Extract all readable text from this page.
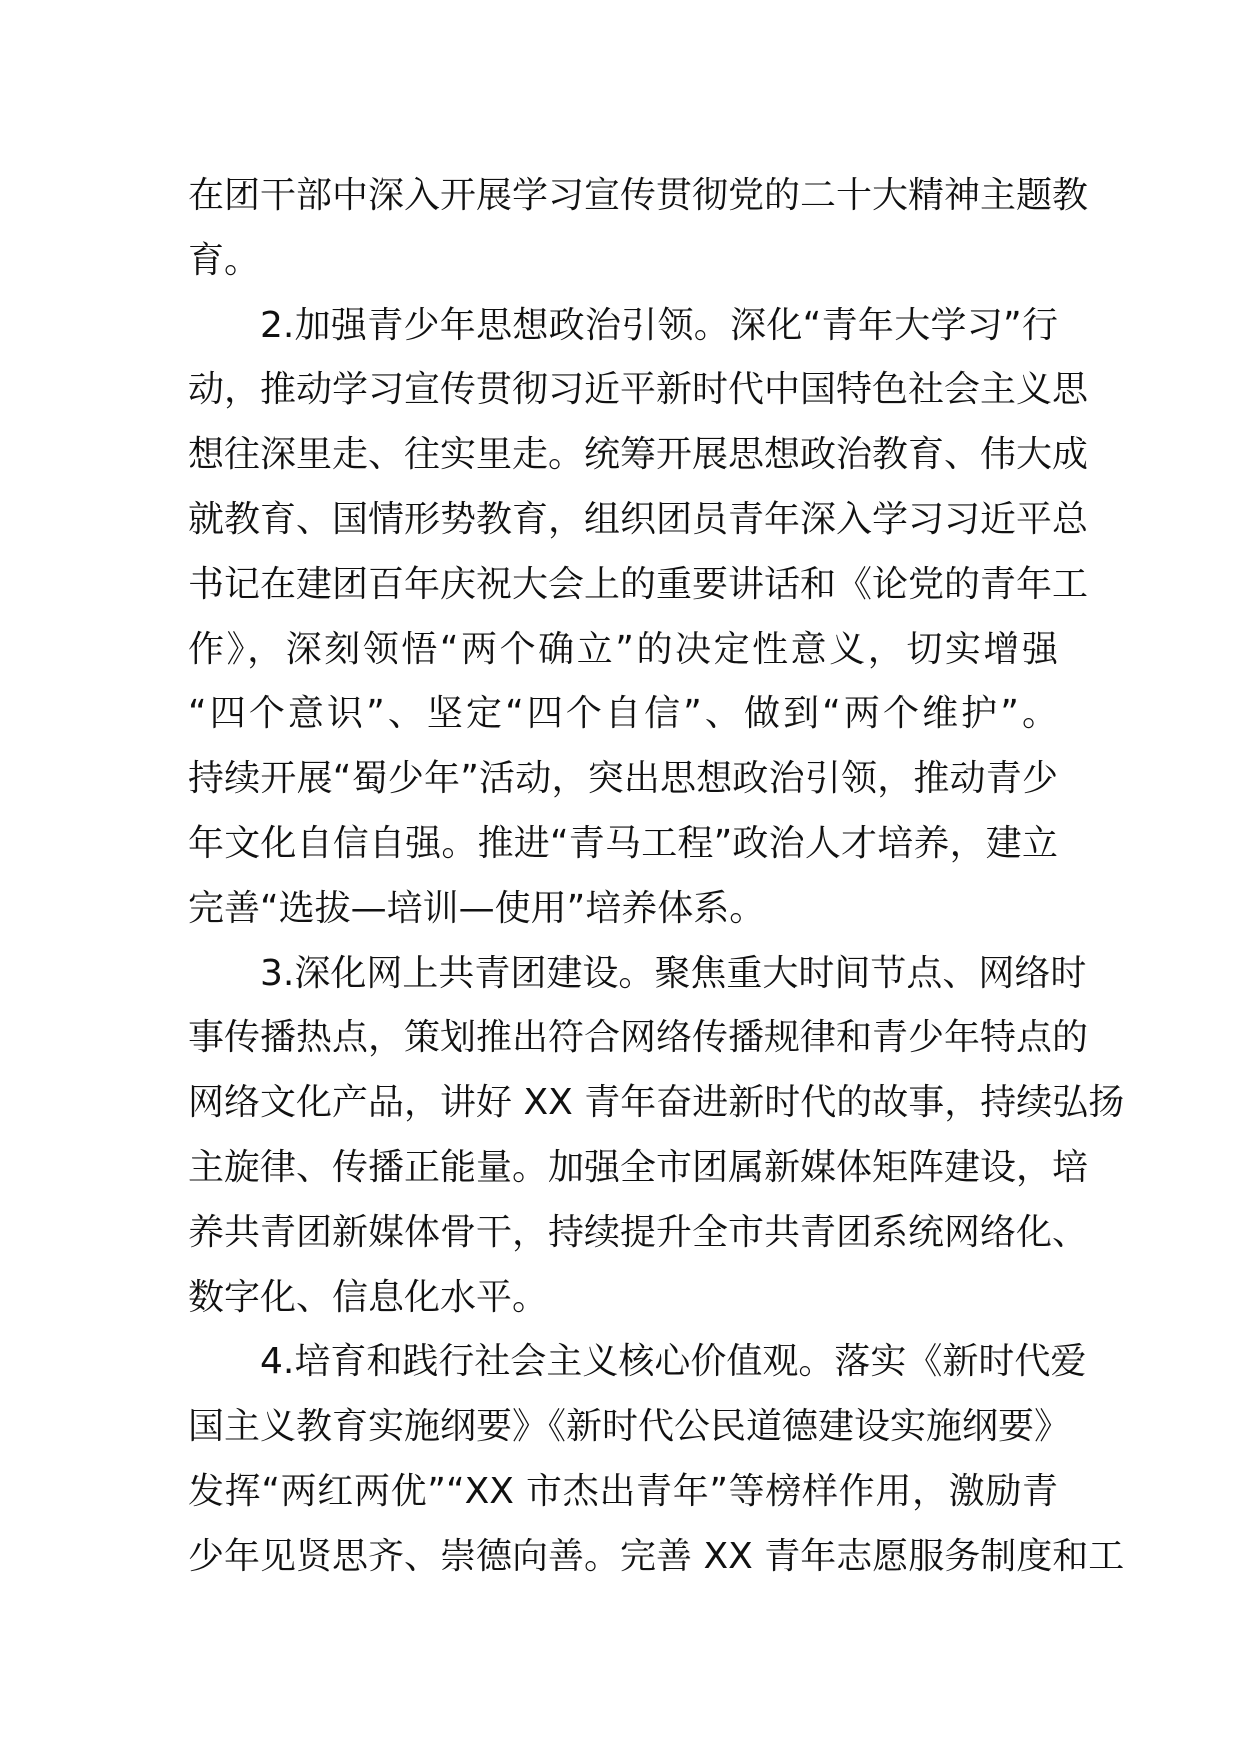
在团干部中深入开展学习宣传贯彻党的二十大精神主题教
育。
2.加强青少年思想政治引领。深化“青年大学习”行
动，推动学习宣传贯彻习近平新时代中国特色社会主义思
想往深里走、往实里走。统筹开展思想政治教育、伟大成
就教育、国情形势教育，组织团员青年深入学习习近平总
书记在建团百年庆祝大会上的重要讲话和《论党的青年工
作》，深刻领悟“两个确立”的决定性意义，切实增强
“四个意识”、坚定“四个自信”、做到“两个维护”。
持续开展“蜀少年”活动，突出思想政治引领，推动青少
年文化自信自强。推进“青马工程”政治人才培养，建立
完善“选拔—培训—使用”培养体系。
3.深化网上共青团建设。聚焦重大时间节点、网络时
事传播热点，策划推出符合网络传播规律和青少年特点的
网络文化产品，讲好 XX 青年奋进新时代的故事，持续弘扬
主旋律、传播正能量。加强全市团属新媒体矩阵建设，培
养共青团新媒体骨干，持续提升全市共青团系统网络化、
数字化、信息化水平。
4.培育和践行社会主义核心价值观。落实《新时代爱
国主义教育实施纲要》《新时代公民道德建设实施纲要》
发挥“两红两优”“XX 市杰出青年”等榜样作用，激励青
少年见贤思齐、崇德向善。完善 XX 青年志愿服务制度和工
